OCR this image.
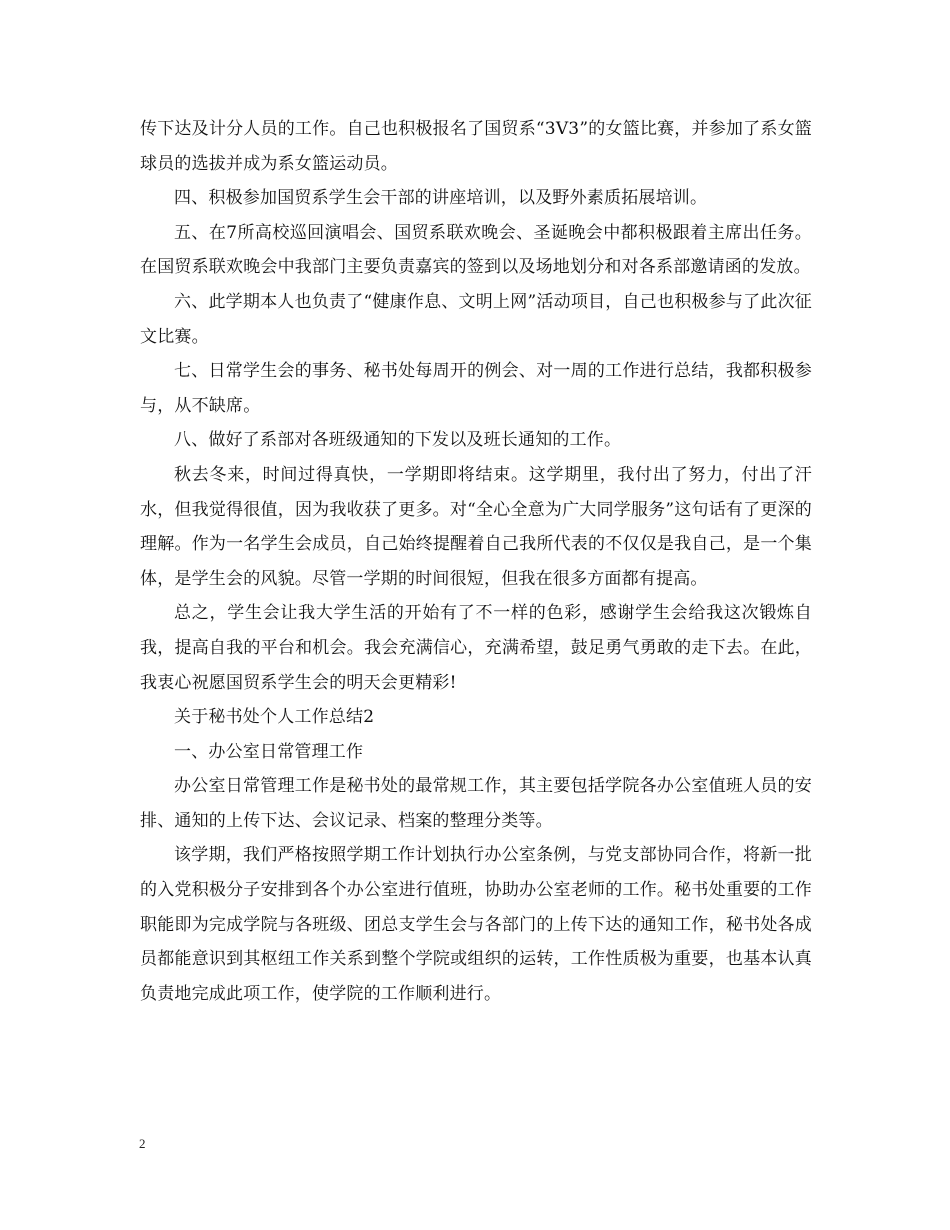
传下达及计分人员的工作。自己也积极报名了国贸系“3V3”的女篮比赛，并参加了系女篮球员的选拔并成为系女篮运动员。

四、积极参加国贸系学生会干部的讲座培训，以及野外素质拓展培训。

五、在7所高校巡回演唱会、国贸系联欢晚会、圣诞晚会中都积极跟着主席出任务。在国贸系联欢晚会中我部门主要负责嘉宾的签到以及场地划分和对各系部邀请函的发放。

六、此学期本人也负责了“健康作息、文明上网”活动项目，自己也积极参与了此次征文比赛。

七、日常学生会的事务、秘书处每周开的例会、对一周的工作进行总结，我都积极参与，从不缺席。

八、做好了系部对各班级通知的下发以及班长通知的工作。

秋去冬来，时间过得真快，一学期即将结束。这学期里，我付出了努力，付出了汗水，但我觉得很值，因为我收获了更多。对“全心全意为广大同学服务”这句话有了更深的理解。作为一名学生会成员，自己始终提醒着自己我所代表的不仅仅是我自己，是一个集体，是学生会的风貌。尽管一学期的时间很短，但我在很多方面都有提高。

总之，学生会让我大学生活的开始有了不一样的色彩，感谢学生会给我这次锻炼自我，提高自我的平台和机会。我会充满信心，充满希望，鼓足勇气勇敢的走下去。在此，我衷心祝愿国贸系学生会的明天会更精彩!

关于秘书处个人工作总结2

一、办公室日常管理工作

办公室日常管理工作是秘书处的最常规工作，其主要包括学院各办公室值班人员的安排、通知的上传下达、会议记录、档案的整理分类等。

该学期，我们严格按照学期工作计划执行办公室条例，与党支部协同合作，将新一批的入党积极分子安排到各个办公室进行值班，协助办公室老师的工作。秘书处重要的工作职能即为完成学院与各班级、团总支学生会与各部门的上传下达的通知工作，秘书处各成员都能意识到其枢纽工作关系到整个学院或组织的运转，工作性质极为重要，也基本认真负责地完成此项工作，使学院的工作顺利进行。

2
